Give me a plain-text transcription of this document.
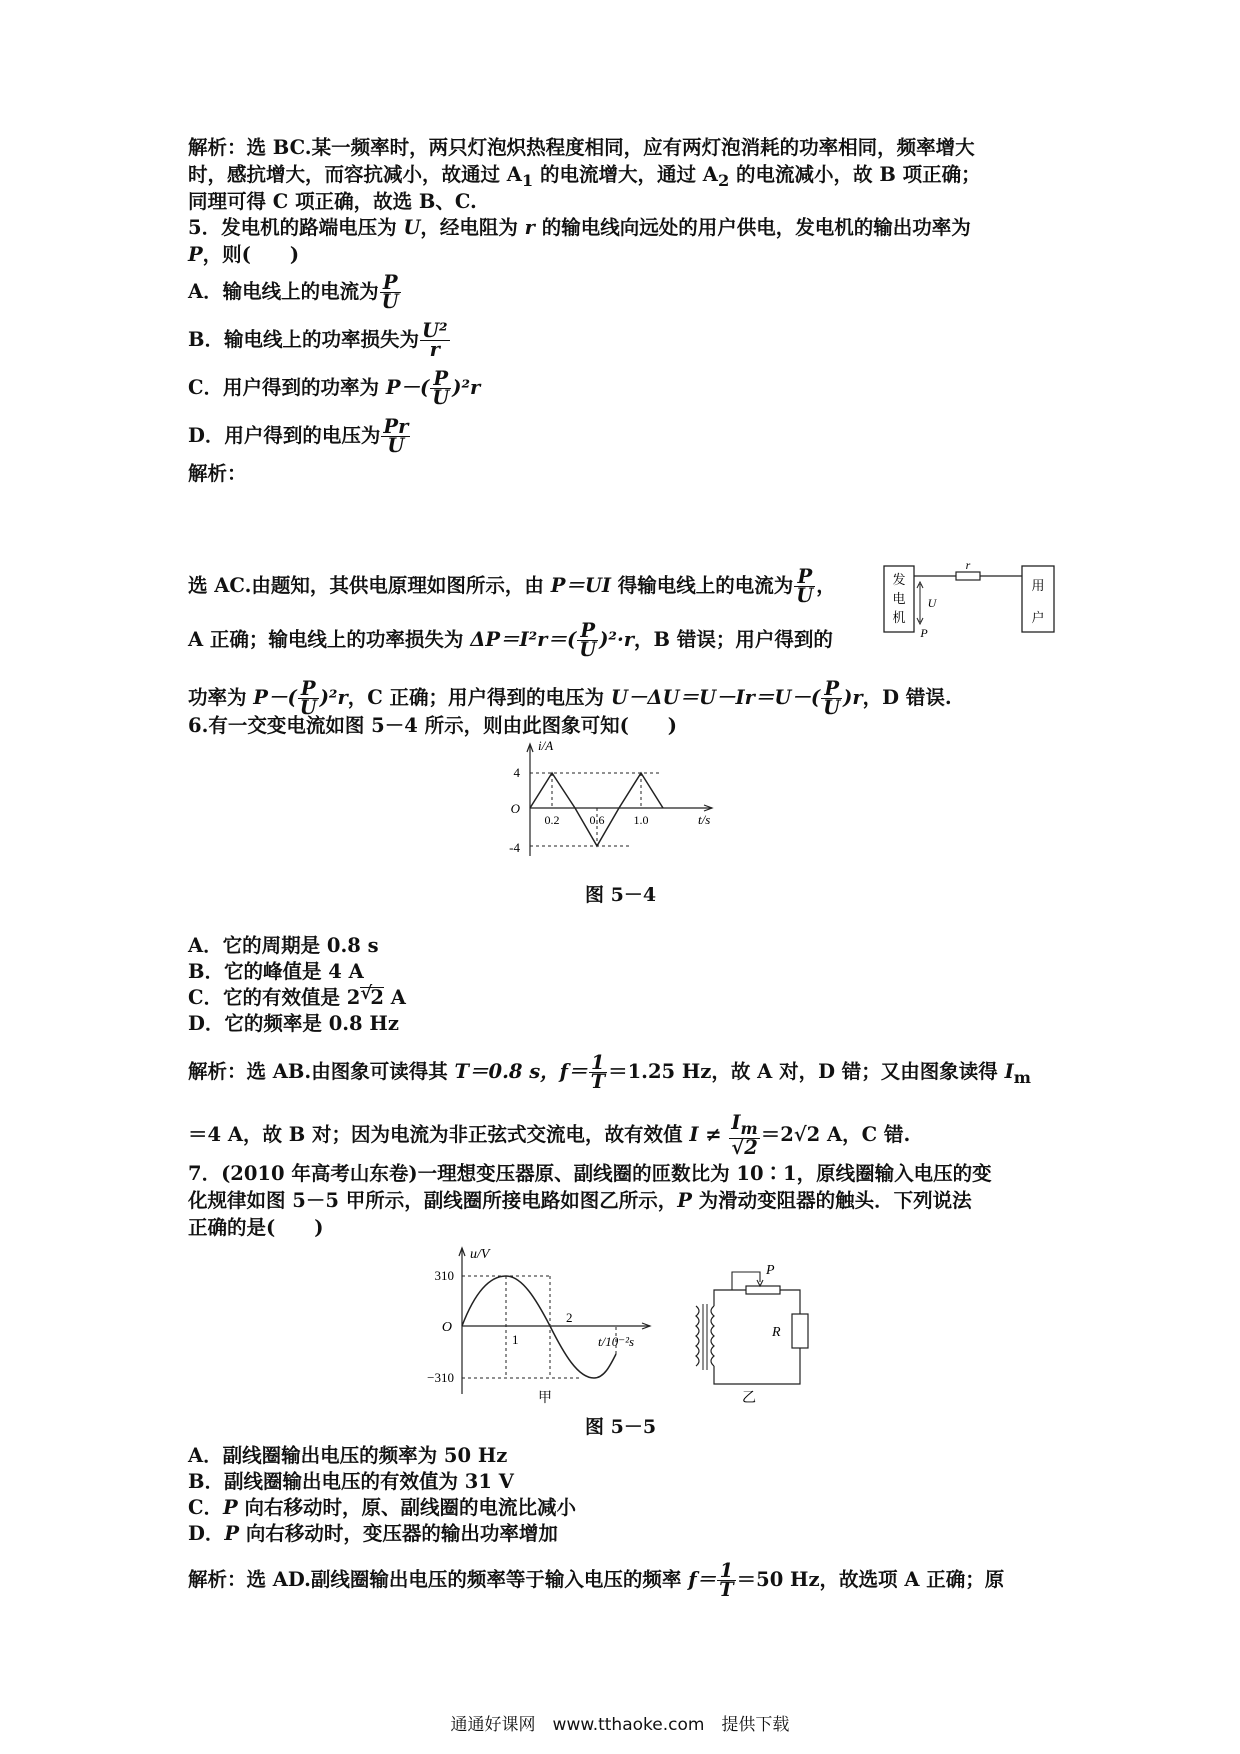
解析：选 BC.某一频率时，两只灯泡炽热程度相同，应有两灯泡消耗的功率相同，频率增大
时，感抗增大，而容抗减小，故通过 $A_1$ 的电流增大，通过 $A_2$ 的电流减小，故 B 项正确；
同理可得 C 项正确，故选 B、C.
5．发电机的路端电压为 U，经电阻为 r 的输电线向远处的用户供电，发电机的输出功率为
P，则(　　)
A．输电线上的电流为 $\frac{P}{U}$
B．输电线上的功率损失为 $\frac{\text{U²}}{r}$
C．用户得到的功率为 $P-( \frac{P}{U} )^2r$
D．用户得到的电压为 $\frac{Pr}{U}$
解析：
选 AC.由题知，其供电原理如图所示，由 P＝UI 得输电线上的电流为 $\frac{P}{U}$ ，
A 正确；输电线上的功率损失为 $\Delta P=I^2r=( \frac{P}{U} )^2\cdot r$，B 错误；用户得到的
功率为 $P-( \frac{P}{U} )^2r$，C 正确；用户得到的电压为 $U-\Delta U=U-Ir=U-( \frac{P}{U} )r$，D 错误.
发
电
机
用
户
r
U
P
6.有一交变电流如图 5－4 所示，则由此图象可知(　　)
i/A
t/s
O
4
-4
0.2	0.6 1.0
图 5－4
A．它的周期是 0.8 s
B．它的峰值是 4 A
C．它的有效值是 2 √
2 A
D．它的频率是 0.8 Hz
解析：选 AB.由图象可读得其 T＝0.8 s，$f= \frac{1}{T} =1.25$ Hz，故 A 对，D 错；又由图象读得 $I_m$
＝4 A，故 B 对；因为电流为非正弦式交流电，故有效值 $I \ne \frac{I_m}{√2} =2√2$ A，C 错.
7．(2010 年高考山东卷)一理想变压器原、副线圈的匝数比为 10∶1，原线圈输入电压的变
化规律如图 5－5 甲所示，副线圈所接电路如图乙所示，P 为滑动变阻器的触头．下列说法
正确的是(　　)
u/V
t/10⁻²s
O
310
−310
1
2
甲
R
P
乙
图 5－5
A．副线圈输出电压的频率为 50 Hz
B．副线圈输出电压的有效值为 31 V
C．P 向右移动时，原、副线圈的电流比减小
D．P 向右移动时，变压器的输出功率增加
解析：选 AD.副线圈输出电压的频率等于输入电压的频率 $f= \frac{1}{T} =50$ Hz，故选项 A 正确；原
通通好课网　www.tthaoke.com　提供下载
